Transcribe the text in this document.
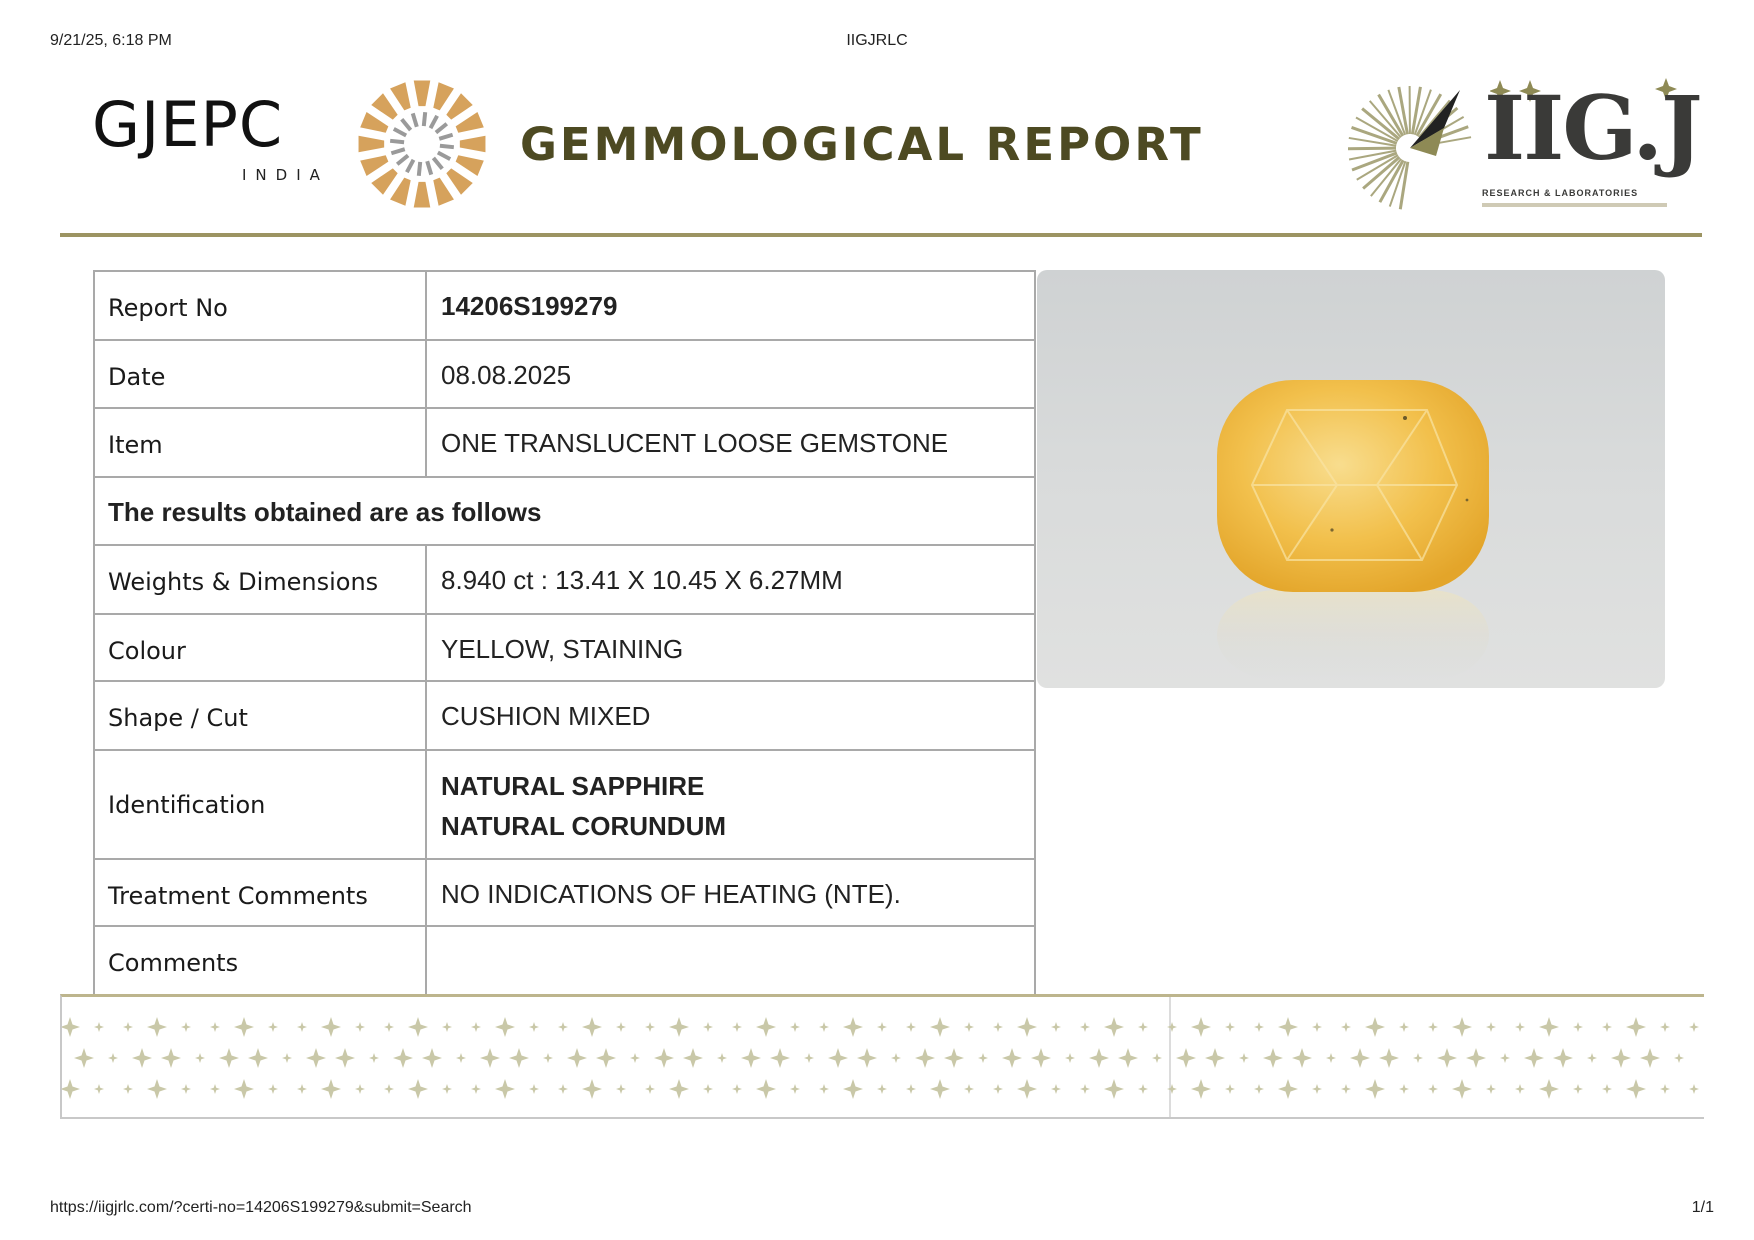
9/21/25, 6:18 PM	IIGJRLC
GJEPC
INDIA
GEMMOLOGICAL REPORT	IIG.J
RESEARCH & LABORATORIES
Report No	14206S199279
Date	08.08.2025
Item	ONE TRANSLUCENT LOOSE GEMSTONE
The results obtained are as follows	
Weights & Dimensions	8.940 ct : 13.41 X 10.45 X 6.27MM
Colour	YELLOW, STAINING
Shape / Cut	CUSHION MIXED
Identification	NATURAL SAPPHIRE
NATURAL CORUNDUM

Treatment Comments	NO INDICATIONS OF HEATING (NTE).
Comments	
https://iigjrlc.com/?certi-no=14206S199279&submit=Search	1/1
